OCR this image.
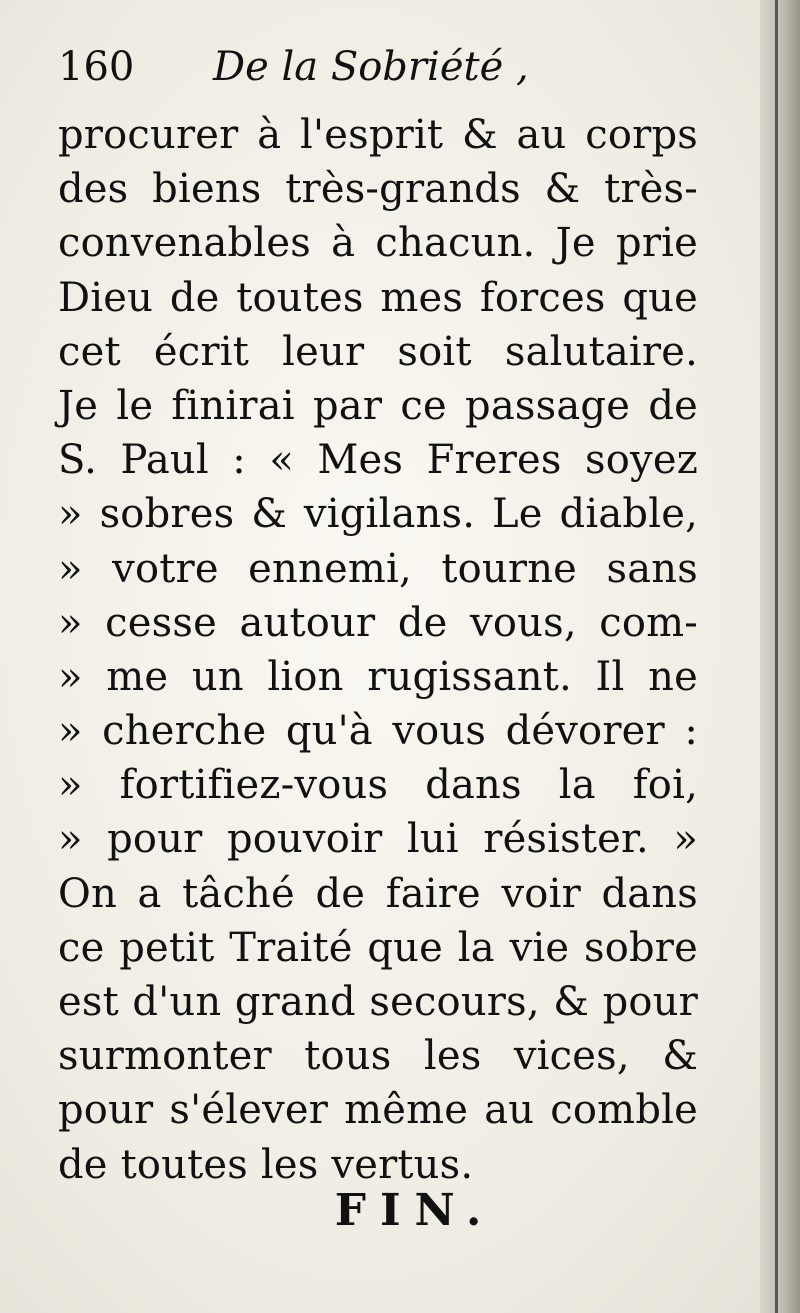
160 De la Sobriété ,
procurer à l'esprit & au corps
des biens très-grands & très-
convenables à chacun. Je prie
Dieu de toutes mes forces que
cet écrit leur soit salutaire.
Je le finirai par ce passage de
S. Paul : « Mes Freres soyez
» sobres & vigilans. Le diable,
» votre ennemi, tourne sans
» cesse autour de vous, com-
» me un lion rugissant. Il ne
» cherche qu'à vous dévorer :
» fortifiez-vous dans la foi,
» pour pouvoir lui résister. »
On a tâché de faire voir dans
ce petit Traité que la vie sobre
est d'un grand secours, & pour
surmonter tous les vices, &
pour s'élever même au comble
de toutes les vertus.
FIN.
